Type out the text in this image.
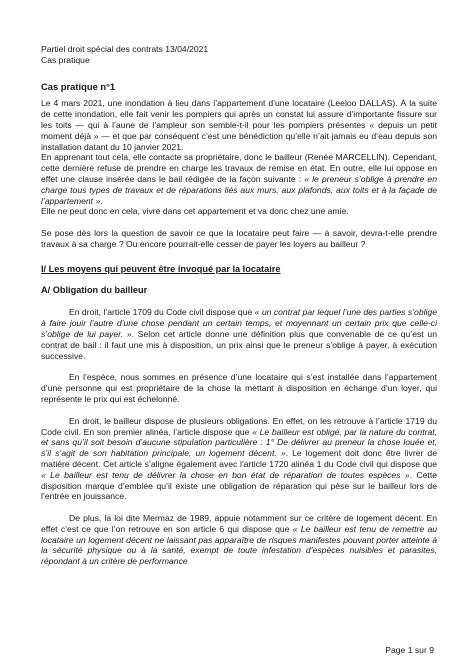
Partiel droit spécial des contrats 13/04/2021

Cas pratique

Cas pratique n°1

Le 4 mars 2021, une inondation à lieu dans l’appartement d’une locataire (Leeloo DALLAS). À la suite de cette inondation, elle fait venir les pompiers qui après un constat lui assure d’importante fissure sur les toits — qui à l’aune de l’ampleur son semble-t-il pour les pompiers présentes « depuis un petit moment déjà » — et que par conséquent c’est une bénédiction qu’elle n’ait jamais eu d’eau depuis son installation datant du 10 janvier 2021.

En apprenant tout cela, elle contacte sa propriétaire, donc le bailleur (Renée MARCELLIN). Cependant, cette dernière refuse de prendre en charge les travaux de remise en état. En outre, elle lui oppose en effet une clause insérée dans le bail rédigée de la façon suivante : « le preneur s’oblige à prendre en charge tous types de travaux et de réparations liés aux murs, aux plafonds, aux toits et à la façade de l’appartement ».

Elle ne peut donc en cela, vivre dans cet appartement et va donc chez une amie.

Se pose dès lors la question de savoir ce que la locataire peut faire — à savoir, devra-t-elle prendre travaux à sa charge ? Ou encore pourrait-elle cesser de payer les loyers au bailleur ?

I/ Les moyens qui peuvent être invoqué par la locataire

A/ Obligation du bailleur

En droit, l’article 1709 du Code civil dispose que « un contrat par lequel l’une des parties s’oblige à faire jouir l’autre d’une chose pendant un certain temps, et moyennant un certain prix que celle-ci s’oblige de lui payer. ». Selon cet article donne une définition plus que convenable de ce qu’est un contrat de bail : il faut une mis à disposition, un prix ainsi que le preneur s’oblige à payer, à exécution successive.

En l’espèce, nous sommes en présence d’une locataire qui s’est installée dans l’appartement d’une personne qui est propriétaire de la chose la mettant à disposition en échange d’un loyer, qui représente le prix qui est échelonné.

En droit, le bailleur dispose de plusieurs obligations. En effet, on les retrouve à l’article 1719 du Code civil. En son premier alinéa, l’article dispose que « Le bailleur est obligé, par la nature du contrat, et sans qu’il soit besoin d’aucune stipulation particulière : 1° De délivrer au preneur la chose louée et, s’il s’agit de son habitation principale, un logement décent. ». Le logement doit donc être livrer de matière décent. Cet article s’aligne également avec l’article 1720 alinéa 1 du Code civil qui dispose que « Le bailleur est tenu de délivrer la chose en bon état de réparation de toutes espèces ». Cette disposition marque d’emblée qu’il existe une obligation de réparation qui pèse sur le bailleur lors de l’entrée en jouissance.

De plus, la loi dite Mermaz de 1989, appuie notamment sur ce critère de logement décent. En effet c’est ce que l’on retrouve en son article 6 qui dispose que « Le bailleur est tenu de remettre au locataire un logement décent ne laissant pas apparaître de risques manifestes pouvant porter atteinte à la sécurité physique ou à la santé, exempt de toute infestation d’espèces nuisibles et parasites, répondant à un critère de performance

Page 1 sur 9
